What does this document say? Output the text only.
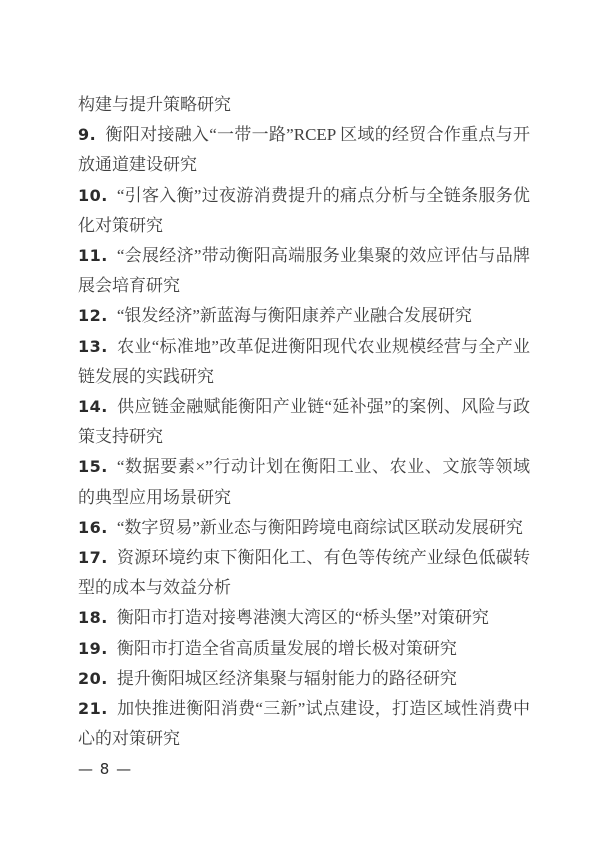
构建与提升策略研究

9. 衡阳对接融入“一带一路”RCEP 区域的经贸合作重点与开放通道建设研究

10. “引客入衡”过夜游消费提升的痛点分析与全链条服务优化对策研究

11. “会展经济”带动衡阳高端服务业集聚的效应评估与品牌展会培育研究

12. “银发经济”新蓝海与衡阳康养产业融合发展研究

13. 农业“标准地”改革促进衡阳现代农业规模经营与全产业链发展的实践研究

14. 供应链金融赋能衡阳产业链“延补强”的案例、风险与政策支持研究

15. “数据要素×”行动计划在衡阳工业、农业、文旅等领域的典型应用场景研究

16. “数字贸易”新业态与衡阳跨境电商综试区联动发展研究

17. 资源环境约束下衡阳化工、有色等传统产业绿色低碳转型的成本与效益分析

18. 衡阳市打造对接粤港澳大湾区的“桥头堡”对策研究

19. 衡阳市打造全省高质量发展的增长极对策研究

20. 提升衡阳城区经济集聚与辐射能力的路径研究

21. 加快推进衡阳消费“三新”试点建设，打造区域性消费中心的对策研究

— 8 —
